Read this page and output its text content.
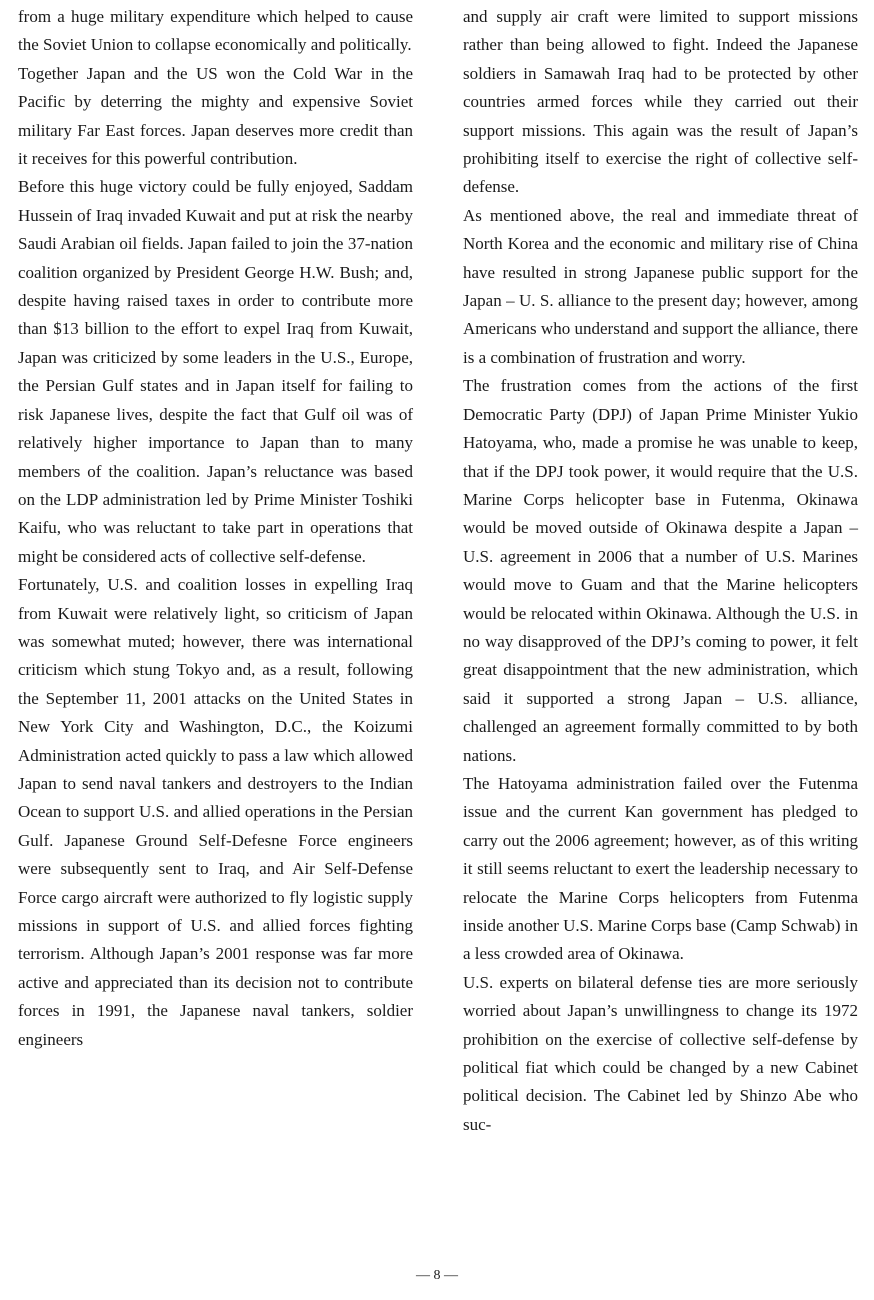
from a huge military expenditure which helped to cause the Soviet Union to collapse economically and politically.

Together Japan and the US won the Cold War in the Pacific by deterring the mighty and expensive Soviet military Far East forces. Japan deserves more credit than it receives for this powerful contribution.

Before this huge victory could be fully enjoyed, Saddam Hussein of Iraq invaded Kuwait and put at risk the nearby Saudi Arabian oil fields. Japan failed to join the 37-nation coalition organized by President George H.W. Bush; and, despite having raised taxes in order to contribute more than $13 billion to the effort to expel Iraq from Kuwait, Japan was criticized by some leaders in the U.S., Europe, the Persian Gulf states and in Japan itself for failing to risk Japanese lives, despite the fact that Gulf oil was of relatively higher importance to Japan than to many members of the coalition. Japan’s reluctance was based on the LDP administration led by Prime Minister Toshiki Kaifu, who was reluctant to take part in operations that might be considered acts of collective self-defense.

Fortunately, U.S. and coalition losses in expelling Iraq from Kuwait were relatively light, so criticism of Japan was somewhat muted; however, there was international criticism which stung Tokyo and, as a result, following the September 11, 2001 attacks on the United States in New York City and Washington, D.C., the Koizumi Administration acted quickly to pass a law which allowed Japan to send naval tankers and destroyers to the Indian Ocean to support U.S. and allied operations in the Persian Gulf. Japanese Ground Self-Defesne Force engineers were subsequently sent to Iraq, and Air Self-Defense Force cargo aircraft were authorized to fly logistic supply missions in support of U.S. and allied forces fighting terrorism. Although Japan’s 2001 response was far more active and appreciated than its decision not to contribute forces in 1991, the Japanese naval tankers, soldier engineers

and supply air craft were limited to support missions rather than being allowed to fight. Indeed the Japanese soldiers in Samawah Iraq had to be protected by other countries armed forces while they carried out their support missions. This again was the result of Japan’s prohibiting itself to exercise the right of collective self-defense.

As mentioned above, the real and immediate threat of North Korea and the economic and military rise of China have resulted in strong Japanese public support for the Japan – U. S. alliance to the present day; however, among Americans who understand and support the alliance, there is a combination of frustration and worry.

The frustration comes from the actions of the first Democratic Party (DPJ) of Japan Prime Minister Yukio Hatoyama, who, made a promise he was unable to keep, that if the DPJ took power, it would require that the U.S. Marine Corps helicopter base in Futenma, Okinawa would be moved outside of Okinawa despite a Japan – U.S. agreement in 2006 that a number of U.S. Marines would move to Guam and that the Marine helicopters would be relocated within Okinawa. Although the U.S. in no way disapproved of the DPJ’s coming to power, it felt great disappointment that the new administration, which said it supported a strong Japan – U.S. alliance, challenged an agreement formally committed to by both nations.

The Hatoyama administration failed over the Futenma issue and the current Kan government has pledged to carry out the 2006 agreement; however, as of this writing it still seems reluctant to exert the leadership necessary to relocate the Marine Corps helicopters from Futenma inside another U.S. Marine Corps base (Camp Schwab) in a less crowded area of Okinawa.

U.S. experts on bilateral defense ties are more seriously worried about Japan’s unwillingness to change its 1972 prohibition on the exercise of collective self-defense by political fiat which could be changed by a new Cabinet political decision. The Cabinet led by Shinzo Abe who suc-

— 8 —
